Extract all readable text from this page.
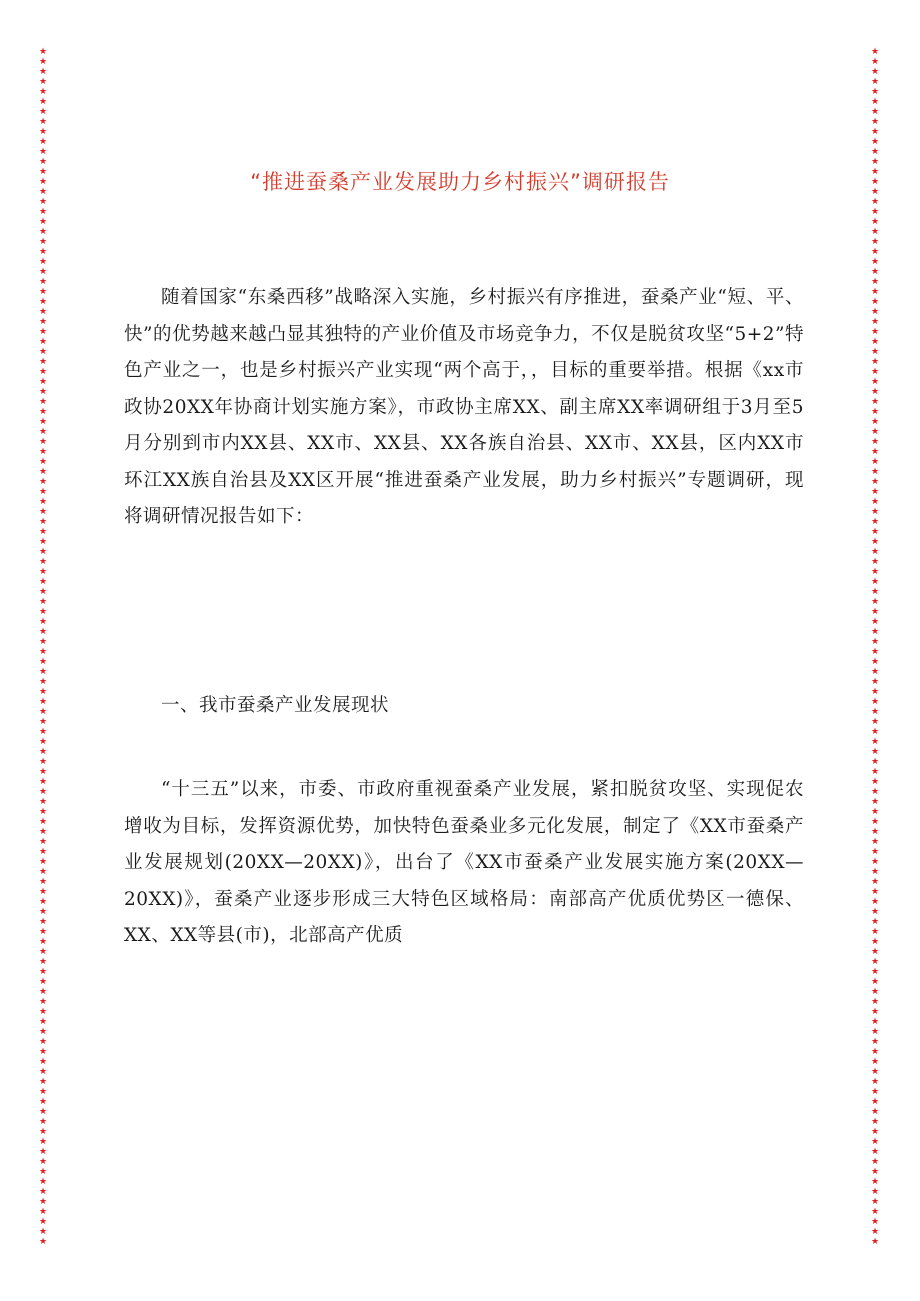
★
★
★
★
★
★
★
★
★
★
★
★
★
★
★
★
★
★
★
★
★
★
★
★
★
★
★
★
★
★
★
★
★
★
★
★
★
★
★
★
★
★
★
★
★
★
★
★
★
★
★
★
★
★
★
★
★
★
★
★
★
★
★
★
★
★
★
★
★
★
★
★
★
★
★
★
★
★
★
★
★
★
★
★
★
★
★
★
★
★
★
★
★
★
★
★
★
★
★
★
★
★
★
★
★
★
★
★
★
★
★
★
★
★
★
★
★
★
★
★
★
★
★
★
★
★
★
★
★
★
★
★
★
★
★
★
★
★
★
★
★
★
★
★
★
★
★
★
★
★
★
★
★
★
★
★
★
★
★
★
★
★
★
★
★
★
★
★
★
★
★
★
★
★
★
★
★
★
★
★
★
★
★
★
★
★
★
★
★
★
★
★
★
★
★
★
★
★
★
★
★
★
★
★
★
★
★
★
★
★
★
★
★
★
★
★
★
★
★
★
★
★
★
★
★
★
★
★
★
★
★
★
★
★
★
★
★
★
★
★
“推进蚕桑产业发展助力乡村振兴”调研报告
随着国家“东桑西移”战略深入实施，乡村振兴有序推进，蚕桑产业“短、平、快”的优势越来越凸显其独特的产业价值及市场竞争力，不仅是脱贫攻坚“5+2”特色产业之一，也是乡村振兴产业实现“两个高于，，目标的重要举措。根据《xx市政协20XX年协商计划实施方案》，市政协主席XX、副主席XX率调研组于3月至5月分别到市内XX县、XX市、XX县、XX各族自治县、XX市、XX县，区内XX市环江XX族自治县及XX区开展“推进蚕桑产业发展，助力乡村振兴”专题调研，现将调研情况报告如下：
一、我市蚕桑产业发展现状
“十三五”以来，市委、市政府重视蚕桑产业发展，紧扣脱贫攻坚、实现促农增收为目标，发挥资源优势，加快特色蚕桑业多元化发展，制定了《XX市蚕桑产业发展规划(20XX—20XX)》，出台了《XX市蚕桑产业发展实施方案(20XX—20XX)》，蚕桑产业逐步形成三大特色区域格局：南部高产优质优势区一德保、XX、XX等县(市)，北部高产优质
